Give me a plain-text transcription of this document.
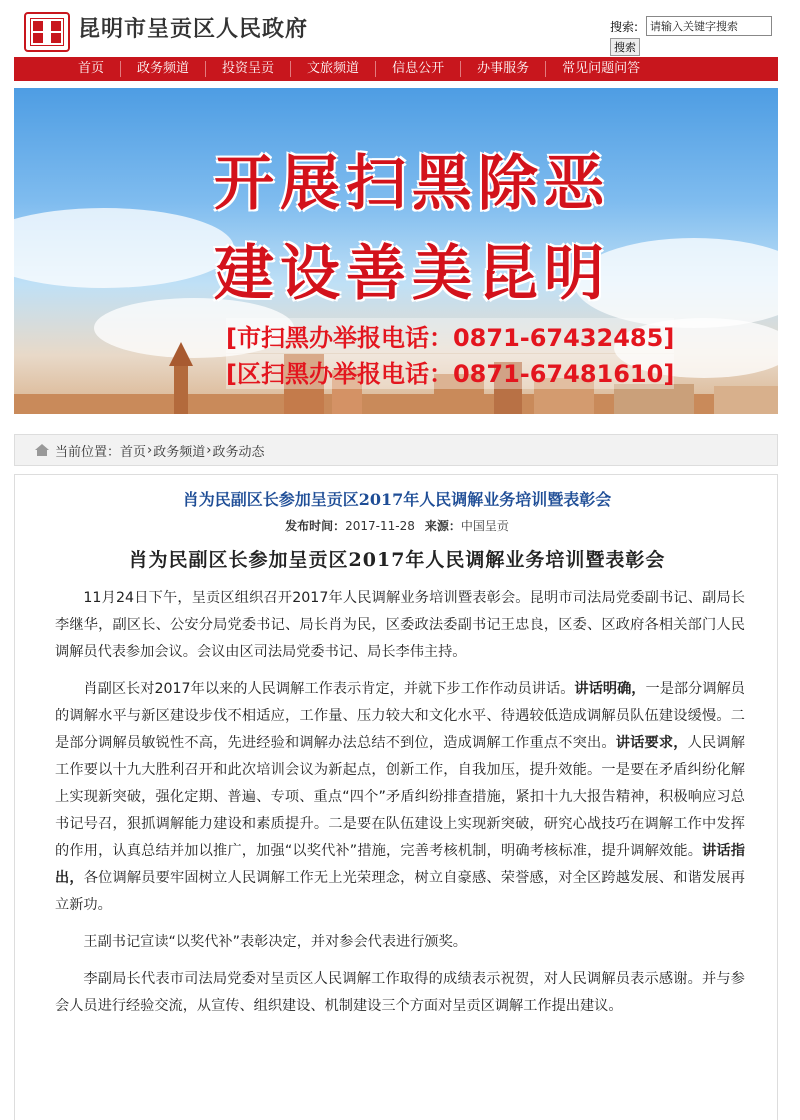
昆明市呈贡区人民政府	搜索:
请输入关键字搜索
搜索
首页	政务频道	投资呈贡	文旅频道	信息公开	办事服务	常见问题问答
开展扫黑除恶
建设善美昆明
[市扫黑办举报电话：0871-67432485]
[区扫黑办举报电话：0871-67481610]
当前位置： 首页 › 政务频道 › 政务动态
肖为民副区长参加呈贡区2017年人民调解业务培训暨表彰会
发布时间：2017-11-28 来源：中国呈贡
肖为民副区长参加呈贡区2017年人民调解业务培训暨表彰会

11月24日下午，呈贡区组织召开2017年人民调解业务培训暨表彰会。昆明市司法局党委副书记、副局长李继华，副区长、公安分局党委书记、局长肖为民，区委政法委副书记王忠良，区委、区政府各相关部门人民调解员代表参加会议。会议由区司法局党委书记、局长李伟主持。

肖副区长对2017年以来的人民调解工作表示肯定，并就下步工作作动员讲话。讲话明确，一是部分调解员的调解水平与新区建设步伐不相适应，工作量、压力较大和文化水平、待遇较低造成调解员队伍建设缓慢。二是部分调解员敏锐性不高，先进经验和调解办法总结不到位，造成调解工作重点不突出。讲话要求，人民调解工作要以十九大胜利召开和此次培训会议为新起点，创新工作，自我加压，提升效能。一是要在矛盾纠纷化解上实现新突破，强化定期、普遍、专项、重点“四个”矛盾纠纷排查措施，紧扣十九大报告精神，积极响应习总书记号召，狠抓调解能力建设和素质提升。二是要在队伍建设上实现新突破，研究心战技巧在调解工作中发挥的作用，认真总结并加以推广，加强“以奖代补”措施，完善考核机制，明确考核标准，提升调解效能。讲话指出，各位调解员要牢固树立人民调解工作无上光荣理念，树立自豪感、荣誉感，对全区跨越发展、和谐发展再立新功。

王副书记宣读“以奖代补”表彰决定，并对参会代表进行颁奖。

李副局长代表市司法局党委对呈贡区人民调解工作取得的成绩表示祝贺，对人民调解员表示感谢。并与参会人员进行经验交流，从宣传、组织建设、机制建设三个方面对呈贡区调解工作提出建议。
